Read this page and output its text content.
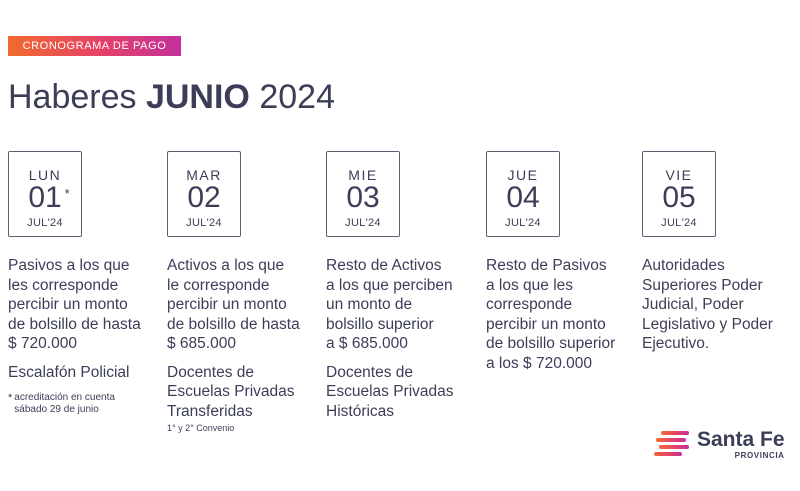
CRONOGRAMA DE PAGO
Haberes JUNIO 2024
LUN
01 *
JUL'24
Pasivos a los que
les corresponde
percibir un monto
de bolsillo de hasta
$ 720.000
Escalafón Policial
* acreditación en cuenta
sábado 29 de junio
MAR
02
JUL'24
Activos a los que
le corresponde
percibir un monto
de bolsillo de hasta
$ 685.000
Docentes de
Escuelas Privadas
Transferidas
1° y 2° Convenio
MIE
03
JUL'24
Resto de Activos
a los que perciben
un monto de
bolsillo superior
a $ 685.000
Docentes de
Escuelas Privadas
Históricas
JUE
04
JUL'24
Resto de Pasivos
a los que les
corresponde
percibir un monto
de bolsillo superior
a los $ 720.000
VIE
05
JUL'24
Autoridades
Superiores Poder
Judicial, Poder
Legislativo y Poder
Ejecutivo.
Santa Fe
PROVINCIA
